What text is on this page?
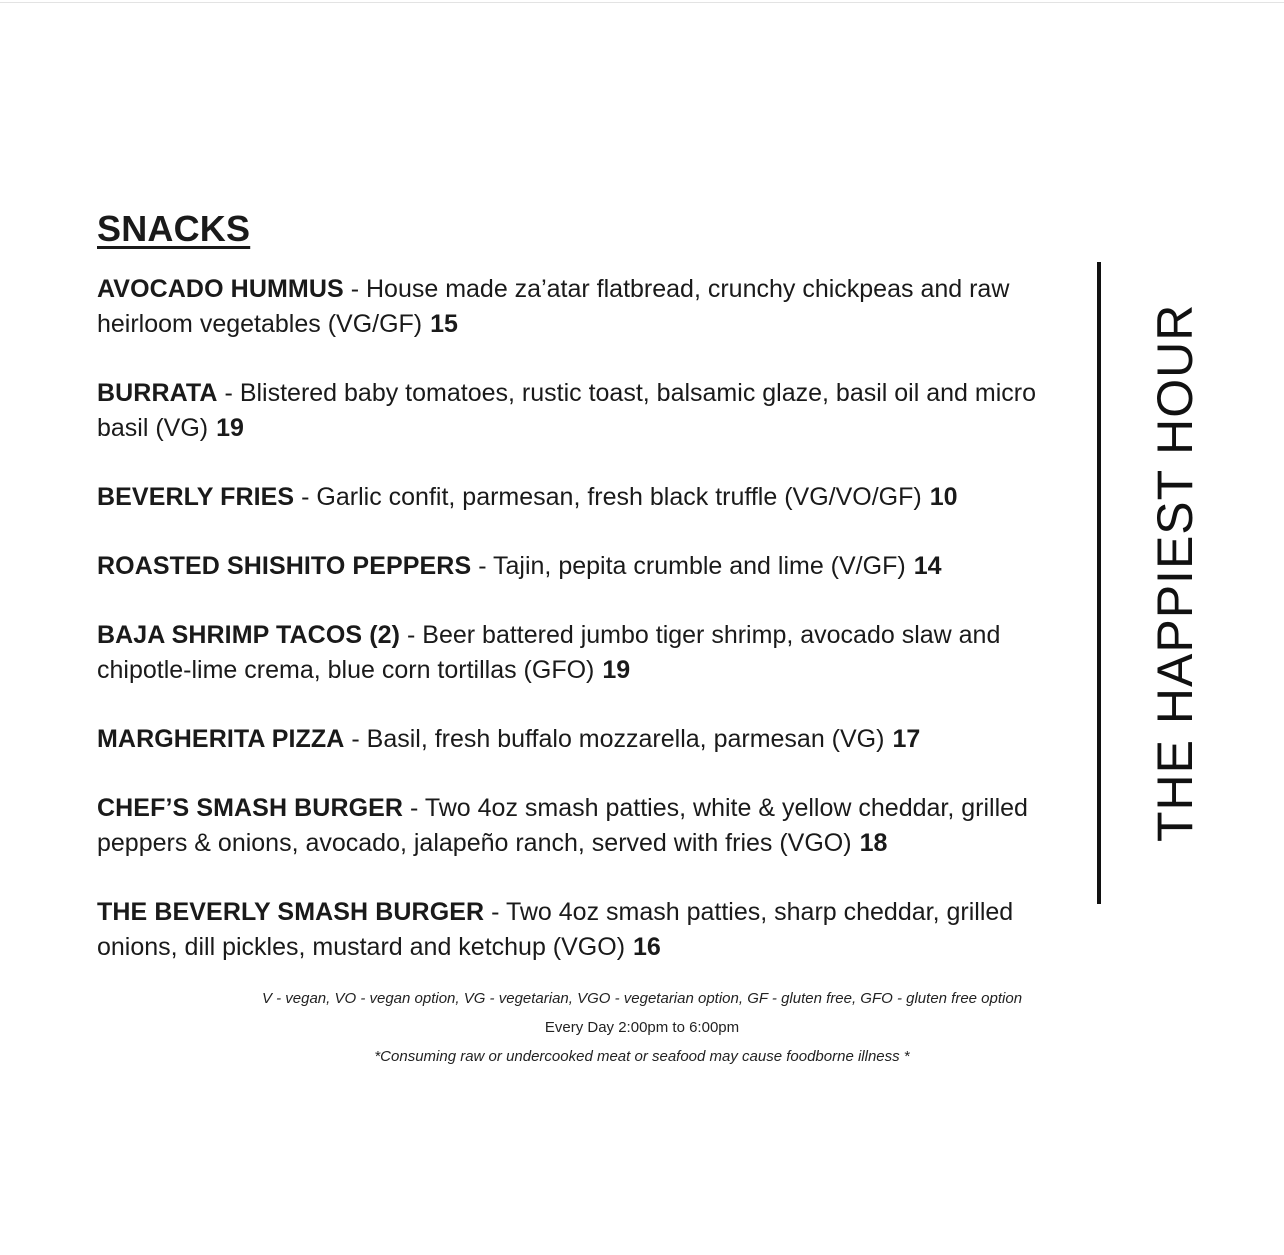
SNACKS
AVOCADO HUMMUS - House made za’atar flatbread, crunchy chickpeas and raw heirloom vegetables (VG/GF) 15
BURRATA - Blistered baby tomatoes, rustic toast, balsamic glaze, basil oil and micro basil (VG) 19
BEVERLY FRIES - Garlic confit, parmesan, fresh black truffle (VG/VO/GF) 10
ROASTED SHISHITO PEPPERS - Tajin, pepita crumble and lime (V/GF) 14
BAJA SHRIMP TACOS (2) - Beer battered jumbo tiger shrimp, avocado slaw and chipotle-lime crema, blue corn tortillas (GFO) 19
MARGHERITA PIZZA - Basil, fresh buffalo mozzarella, parmesan (VG) 17
CHEF’S SMASH BURGER - Two 4oz smash patties, white & yellow cheddar, grilled peppers & onions, avocado, jalapeño ranch, served with fries (VGO) 18
THE BEVERLY SMASH BURGER - Two 4oz smash patties, sharp cheddar, grilled onions, dill pickles, mustard and ketchup (VGO) 16
V - vegan, VO - vegan option, VG - vegetarian, VGO - vegetarian option, GF - gluten free, GFO - gluten free option
Every Day 2:00pm to 6:00pm
*Consuming raw or undercooked meat or seafood may cause foodborne illness *
THE HAPPIEST HOUR
